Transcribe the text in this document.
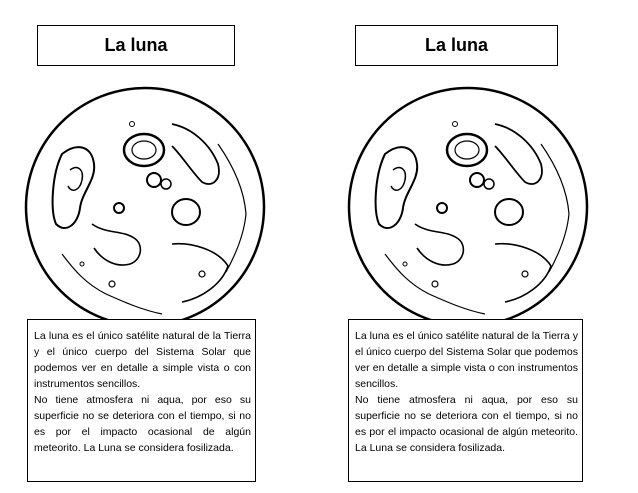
La luna

La luna es el único satélite natural de la Tierra y el único cuerpo del Sistema Solar que podemos ver en detalle a simple vista o con instrumentos sencillos.

No tiene atmosfera ni aqua, por eso su superficie no se deteriora con el tiempo, si no es por el impacto ocasional de algún meteorito. La Luna se considera fosilizada.

La luna

La luna es el único satélite natural de la Tierra y el único cuerpo del Sistema Solar que podemos ver en detalle a simple vista o con instrumentos sencillos.

No tiene atmosfera ni aqua, por eso su superficie no se deteriora con el tiempo, si no es por el impacto ocasional de algún meteorito. La Luna se considera fosilizada.
